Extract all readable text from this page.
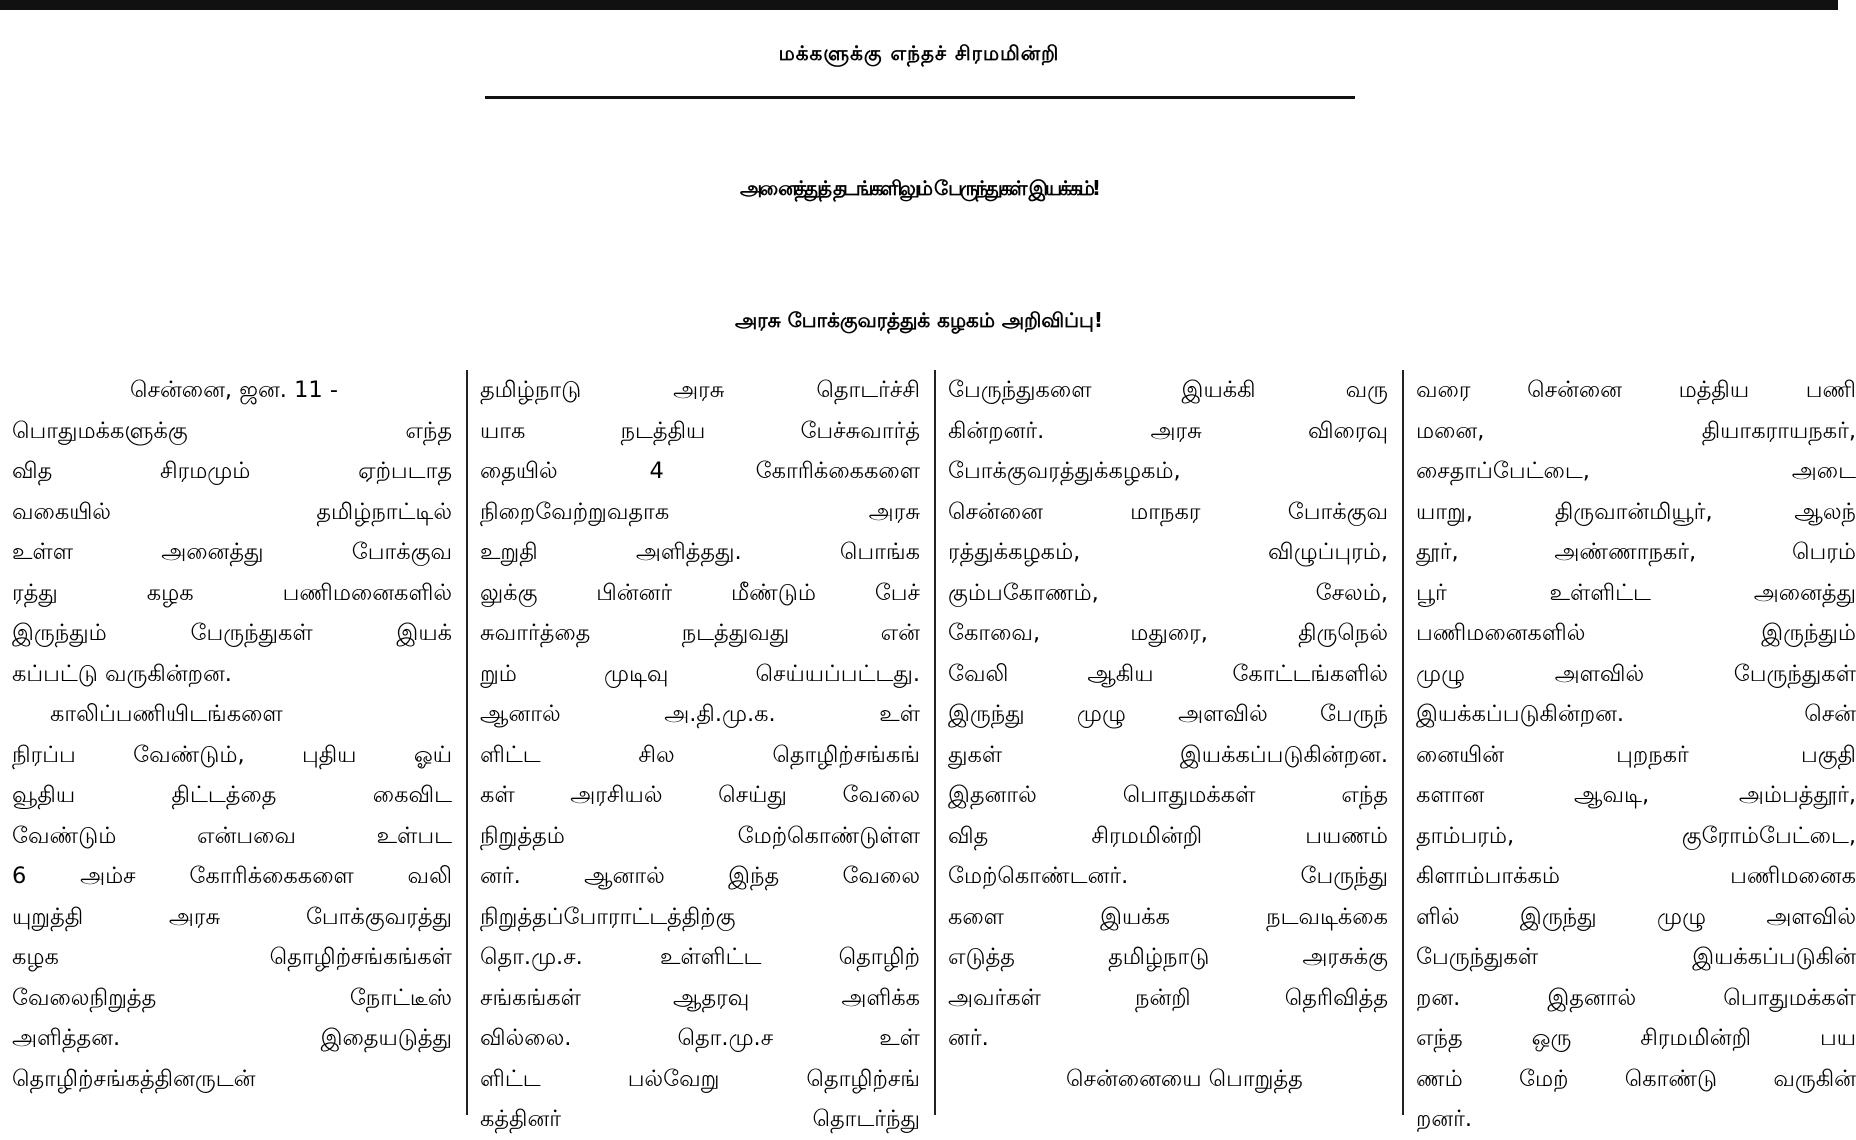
மக்களுக்கு எந்தச் சிரமமின்றி
அனைத்துத் தடங்களிலும் பேருந்துகள் இயக்கம்!
அரசு போக்குவரத்துக் கழகம் அறிவிப்பு!
சென்னை, ஜன. 11 -
பொதுமக்களுக்கு எந்த
வித சிரமமும் ஏற்படாத
வகையில் தமிழ்நாட்டில்
உள்ள அனைத்து போக்குவ
ரத்து கழக பணிமனைகளில்
இருந்தும் பேருந்துகள் இயக்
கப்பட்டு வருகின்றன.
காலிப்பணியிடங்களை
நிரப்ப வேண்டும், புதிய ஓய்
வூதிய திட்டத்தை கைவிட
வேண்டும் என்பவை உள்பட
6 அம்ச கோரிக்கைகளை வலி
யுறுத்தி அரசு போக்குவரத்து
கழக தொழிற்சங்கங்கள்
வேலைநிறுத்த நோட்டீஸ்
அளித்தன. இதையடுத்து
தொழிற்சங்கத்தினருடன்
தமிழ்நாடு அரசு தொடர்ச்சி
யாக நடத்திய பேச்சுவார்த்
தையில் 4 கோரிக்கைகளை
நிறைவேற்றுவதாக அரசு
உறுதி அளித்தது. பொங்க
லுக்கு பின்னர் மீண்டும் பேச்
சுவார்த்தை நடத்துவது என்
றும் முடிவு செய்யப்பட்டது.
ஆனால் அ.தி.மு.க. உள்
ளிட்ட சில தொழிற்சங்கங்
கள் அரசியல் செய்து வேலை
நிறுத்தம் மேற்கொண்டுள்ள
னர். ஆனால் இந்த வேலை
நிறுத்தப்போராட்டத்திற்கு
தொ.மு.ச. உள்ளிட்ட தொழிற்
சங்கங்கள் ஆதரவு அளிக்க
வில்லை. தொ.மு.ச உள்
ளிட்ட பல்வேறு தொழிற்சங்
கத்தினர் தொடர்ந்து
பேருந்துகளை இயக்கி வரு
கின்றனர். அரசு விரைவு
போக்குவரத்துக்கழகம்,
சென்னை மாநகர போக்குவ
ரத்துக்கழகம், விழுப்புரம்,
கும்பகோணம், சேலம்,
கோவை, மதுரை, திருநெல்
வேலி ஆகிய கோட்டங்களில்
இருந்து முழு அளவில் பேருந்
துகள் இயக்கப்படுகின்றன.
இதனால் பொதுமக்கள் எந்த
வித சிரமமின்றி பயணம்
மேற்கொண்டனர். பேருந்து
களை இயக்க நடவடிக்கை
எடுத்த தமிழ்நாடு அரசுக்கு
அவர்கள் நன்றி தெரிவித்த
னர்.
சென்னையை பொறுத்த
வரை சென்னை மத்திய பணி
மனை, தியாகராயநகர்,
சைதாப்பேட்டை, அடை
யாறு, திருவான்மியூர், ஆலந்
தூர், அண்ணாநகர், பெரம்
பூர் உள்ளிட்ட அனைத்து
பணிமனைகளில் இருந்தும்
முழு அளவில் பேருந்துகள்
இயக்கப்படுகின்றன. சென்
னையின் புறநகர் பகுதி
களான ஆவடி, அம்பத்தூர்,
தாம்பரம், குரோம்பேட்டை,
கிளாம்பாக்கம் பணிமனைக
ளில் இருந்து முழு அளவில்
பேருந்துகள் இயக்கப்படுகின்
றன. இதனால் பொதுமக்கள்
எந்த ஒரு சிரமமின்றி பய
ணம் மேற் கொண்டு வருகின்
றனர்.
